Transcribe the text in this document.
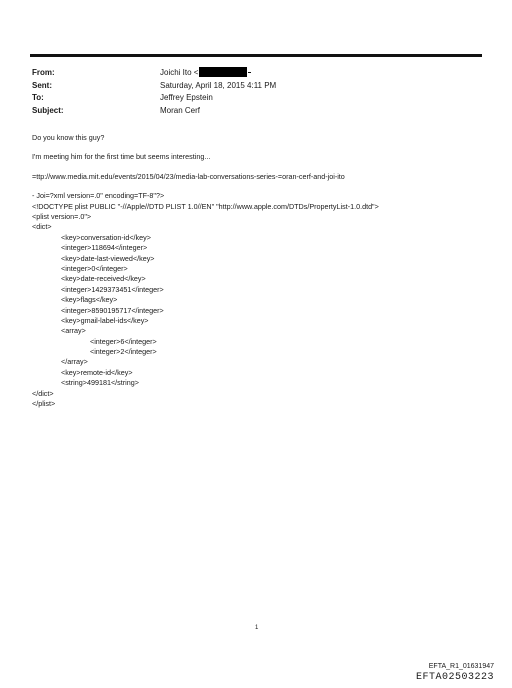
From:	Joichi Ito <
Sent:	Saturday, April 18, 2015 4:11 PM
To:	Jeffrey Epstein
Subject:	Moran Cerf

Do you know this guy?

I'm meeting him for the first time but seems interesting...

=ttp://www.media.mit.edu/events/2015/04/23/media-lab-conversations-series-=oran-cerf-and-joi-ito

- Joi=?xml version=.0" encoding=TF-8"?>
<!DOCTYPE plist PUBLIC "-//Apple//DTD PLIST 1.0//EN" "http://www.apple.com/DTDs/PropertyList-1.0.dtd">
<plist version=.0">
<dict>
<key>conversation-id</key>
<integer>118694</integer>
<key>date-last-viewed</key>
<integer>0</integer>
<key>date-received</key>
<integer>1429373451</integer>
<key>flags</key>
<integer>8590195717</integer>
<key>gmail-label-ids</key>
<array>
<integer>6</integer>
<integer>2</integer>
</array>
<key>remote-id</key>
<string>499181</string>
</dict>
</plist>
1
EFTA_R1_01631947
EFTA02503223
